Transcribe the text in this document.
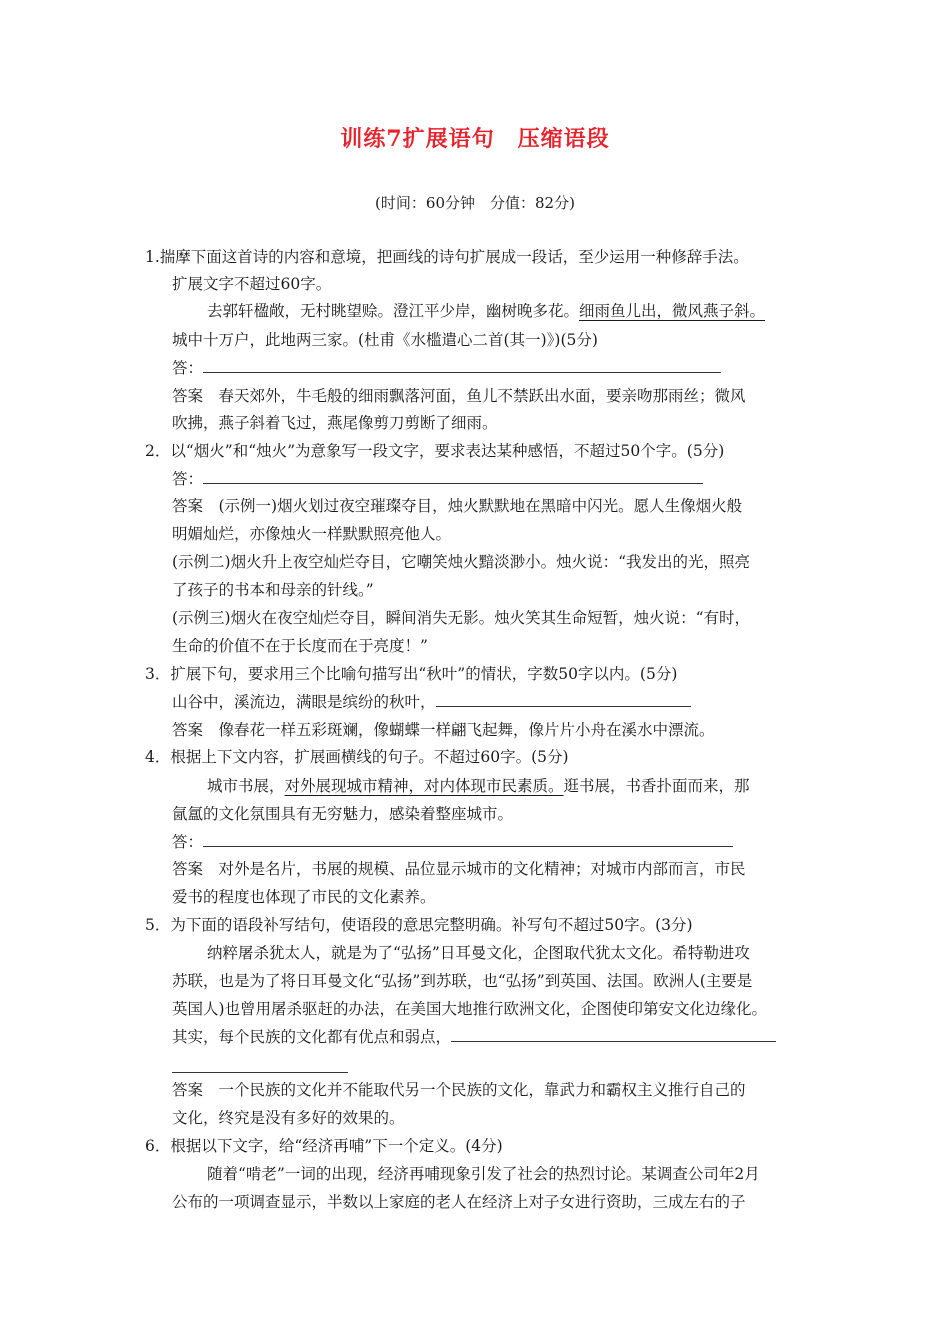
训练7扩展语句　压缩语段
(时间：60分钟　分值：82分)
1.揣摩下面这首诗的内容和意境，把画线的诗句扩展成一段话，至少运用一种修辞手法。
扩展文字不超过60字。
去郭轩楹敞，无村眺望赊。澄江平少岸，幽树晚多花。细雨鱼儿出，微风燕子斜。
城中十万户，此地两三家。(杜甫《水槛遣心二首(其一)》)(5分)
答：
答案　春天郊外，牛毛般的细雨飘落河面，鱼儿不禁跃出水面，要亲吻那雨丝；微风
吹拂，燕子斜着飞过，燕尾像剪刀剪断了细雨。
2．以“烟火”和“烛火”为意象写一段文字，要求表达某种感悟，不超过50个字。(5分)
答：
答案　(示例一)烟火划过夜空璀璨夺目，烛火默默地在黑暗中闪光。愿人生像烟火般
明媚灿烂，亦像烛火一样默默照亮他人。
(示例二)烟火升上夜空灿烂夺目，它嘲笑烛火黯淡渺小。烛火说：“我发出的光，照亮
了孩子的书本和母亲的针线。”
(示例三)烟火在夜空灿烂夺目，瞬间消失无影。烛火笑其生命短暂，烛火说：“有时，
生命的价值不在于长度而在于亮度！”
3．扩展下句，要求用三个比喻句描写出“秋叶”的情状，字数50字以内。(5分)
山谷中，溪流边，满眼是缤纷的秋叶，
答案　像春花一样五彩斑斓，像蝴蝶一样翩飞起舞，像片片小舟在溪水中漂流。
4．根据上下文内容，扩展画横线的句子。不超过60字。(5分)
城市书展，对外展现城市精神，对内体现市民素质。逛书展，书香扑面而来，那
氤氲的文化氛围具有无穷魅力，感染着整座城市。
答：
答案　对外是名片，书展的规模、品位显示城市的文化精神；对城市内部而言，市民
爱书的程度也体现了市民的文化素养。
5．为下面的语段补写结句，使语段的意思完整明确。补写句不超过50字。(3分)
纳粹屠杀犹太人，就是为了“弘扬”日耳曼文化，企图取代犹太文化。希特勒进攻
苏联，也是为了将日耳曼文化“弘扬”到苏联，也“弘扬”到英国、法国。欧洲人(主要是
英国人)也曾用屠杀驱赶的办法，在美国大地推行欧洲文化，企图使印第安文化边缘化。
其实，每个民族的文化都有优点和弱点，
答案　一个民族的文化并不能取代另一个民族的文化，靠武力和霸权主义推行自己的
文化，终究是没有多好的效果的。
6．根据以下文字，给“经济再哺”下一个定义。(4分)
随着“啃老”一词的出现，经济再哺现象引发了社会的热烈讨论。某调查公司年2月
公布的一项调查显示，半数以上家庭的老人在经济上对子女进行资助，三成左右的子
